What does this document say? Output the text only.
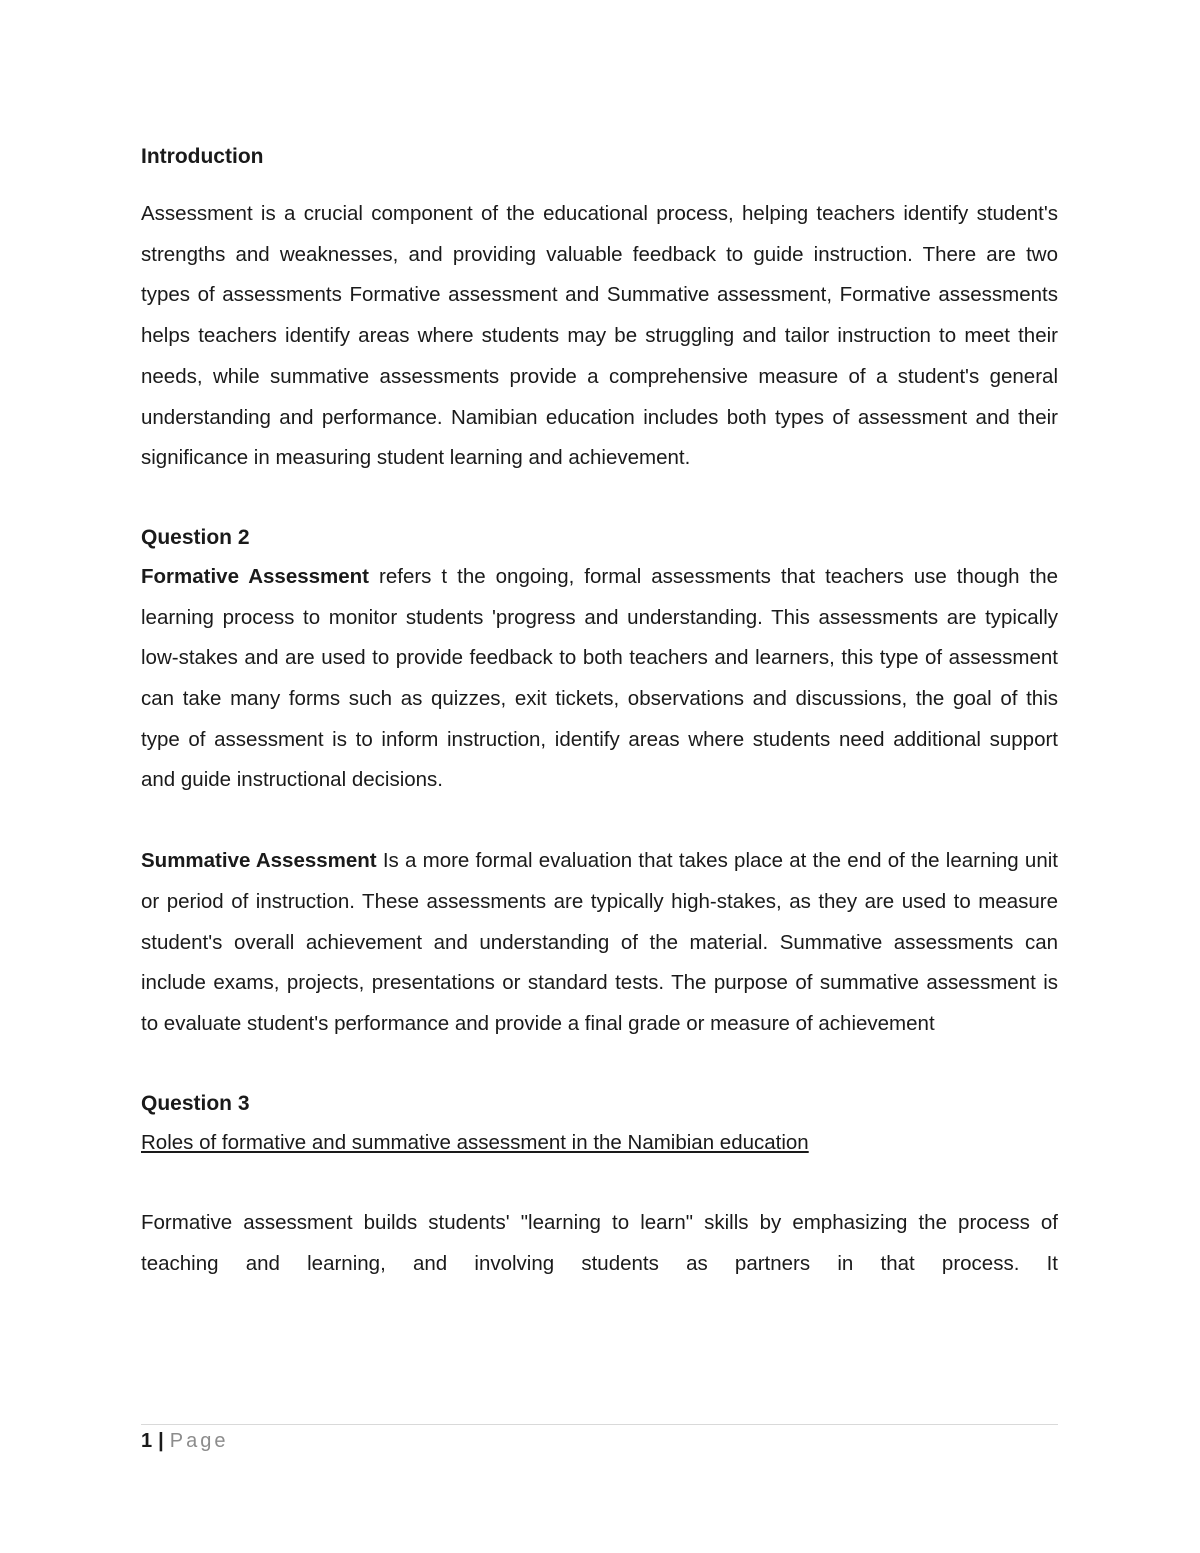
Introduction

Assessment is a crucial component of the educational process, helping teachers identify student's strengths and weaknesses, and providing valuable feedback to guide instruction. There are two types of assessments Formative assessment and Summative assessment, Formative assessments helps teachers identify areas where students may be struggling and tailor instruction to meet their needs, while summative assessments provide a comprehensive measure of a student's general understanding and performance. Namibian education includes both types of assessment and their significance in measuring student learning and achievement.

Question 2

Formative Assessment refers t the ongoing, formal assessments that teachers use though the learning process to monitor students 'progress and understanding. This assessments are typically low-stakes and are used to provide feedback to both teachers and learners, this type of assessment can take many forms such as quizzes, exit tickets, observations and discussions, the goal of this type of assessment is to inform instruction, identify areas where students need additional support and guide instructional decisions.

Summative Assessment Is a more formal evaluation that takes place at the end of the learning unit or period of instruction. These assessments are typically high-stakes, as they are used to measure student's overall achievement and understanding of the material. Summative assessments can include exams, projects, presentations or standard tests. The purpose of summative assessment is to evaluate student's performance and provide a final grade or measure of achievement

Question 3

Roles of formative and summative assessment in the Namibian education

Formative assessment builds students' "learning to learn" skills by emphasizing the process of teaching and learning, and involving students as partners in that process. It

1 | Page
